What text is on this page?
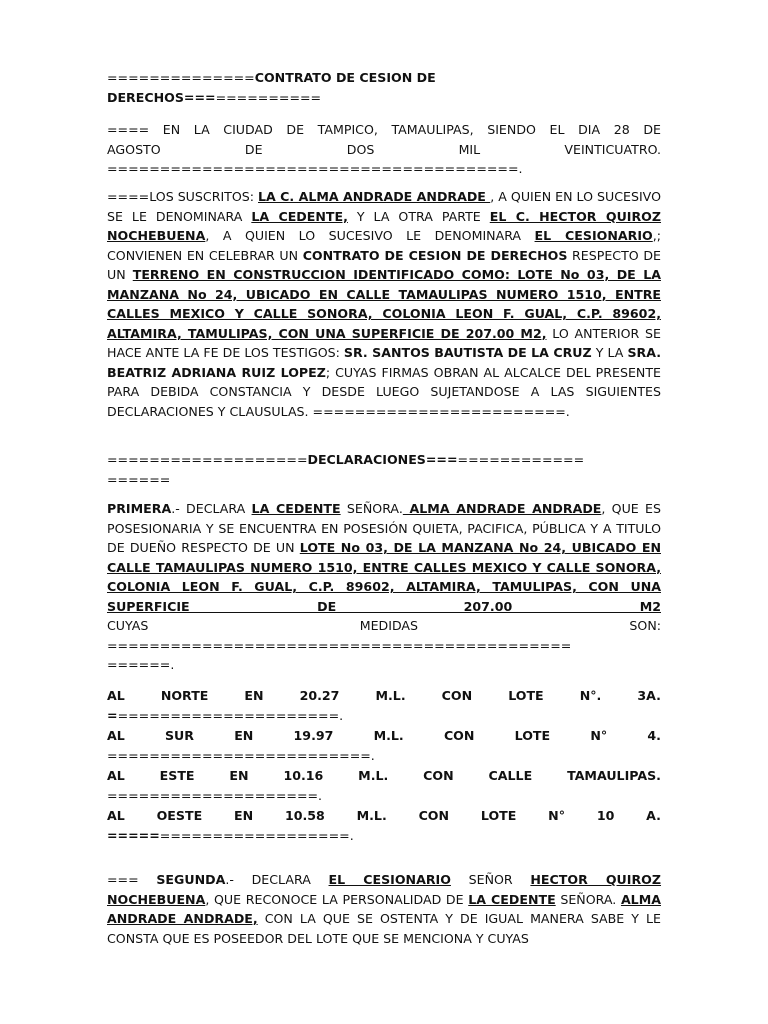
==============CONTRATO DE CESION DE
DERECHOS=============
==== EN LA CIUDAD DE TAMPICO, TAMAULIPAS, SIENDO EL DIA 28 DE
AGOSTO DE DOS MIL VEINTICUATRO.
=======================================.

====LOS SUSCRITOS: LA C. ALMA ANDRADE ANDRADE , A QUIEN EN LO SUCESIVO SE LE DENOMINARA LA CEDENTE, Y LA OTRA PARTE EL C. HECTOR QUIROZ NOCHEBUENA, A QUIEN LO SUCESIVO LE DENOMINARA EL CESIONARIO,; CONVIENEN EN CELEBRAR UN CONTRATO DE CESION DE DERECHOS RESPECTO DE UN TERRENO EN CONSTRUCCION IDENTIFICADO COMO: LOTE No 03, DE LA MANZANA No 24, UBICADO EN CALLE TAMAULIPAS NUMERO 1510, ENTRE CALLES MEXICO Y CALLE SONORA, COLONIA LEON F. GUAL, C.P. 89602, ALTAMIRA, TAMULIPAS, CON UNA SUPERFICIE DE 207.00 M2, LO ANTERIOR SE HACE ANTE LA FE DE LOS TESTIGOS: SR. SANTOS BAUTISTA DE LA CRUZ Y LA SRA. BEATRIZ ADRIANA RUIZ LOPEZ; CUYAS FIRMAS OBRAN AL ALCALCE DEL PRESENTE PARA DEBIDA CONSTANCIA Y DESDE LUEGO SUJETANDOSE A LAS SIGUIENTES DECLARACIONES Y CLAUSULAS. ========================.

===================DECLARACIONES===============
======

PRIMERA.- DECLARA LA CEDENTE SEÑORA. ALMA ANDRADE ANDRADE, QUE ES POSESIONARIA Y SE ENCUENTRA EN POSESIÓN QUIETA, PACIFICA, PÚBLICA Y A TITULO DE DUEÑO RESPECTO DE UN LOTE No 03, DE LA MANZANA No 24, UBICADO EN CALLE TAMAULIPAS NUMERO 1510, ENTRE CALLES MEXICO Y CALLE SONORA, COLONIA LEON F. GUAL, C.P. 89602, ALTAMIRA, TAMULIPAS, CON UNA SUPERFICIE DE 207.00 M2CUYAS MEDIDAS SON:

============================================
======.
AL	NORTE	EN	20.27	M.L.	CON	LOTE	N°.	3A.
======================.
AL	SUR	EN	19.97	M.L.	CON	LOTE	N°	4.
=========================.
AL	ESTE	EN	10.16	M.L.	CON	CALLE	TAMAULIPAS.
====================.
AL	OESTE	EN	10.58	M.L.	CON	LOTE	N°	10	A.
=======================.

=== SEGUNDA.- DECLARA EL CESIONARIO SEÑOR HECTOR QUIROZ NOCHEBUENA, QUE RECONOCE LA PERSONALIDAD DE LA CEDENTE SEÑORA. ALMA ANDRADE ANDRADE, CON LA QUE SE OSTENTA Y DE IGUAL MANERA SABE Y LE CONSTA QUE ES POSEEDOR DEL LOTE QUE SE MENCIONA Y CUYAS
